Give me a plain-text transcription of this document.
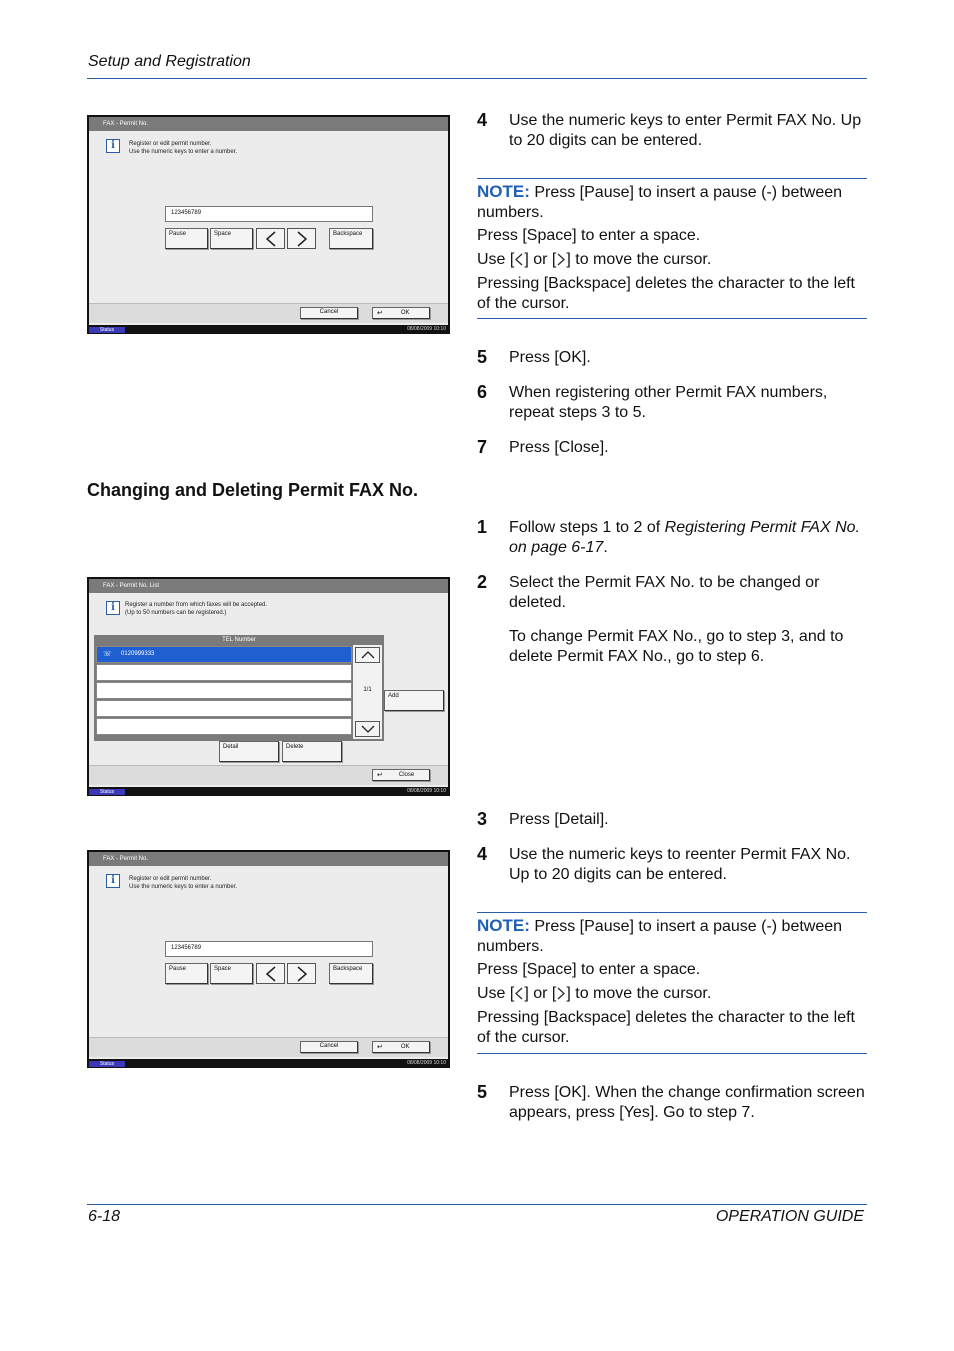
Setup and Registration
FAX - Permit No.
i	Register or edit permit number.
Use the numeric keys to enter a number.
123456789
Pause	Space	Backspace
Cancel	↵	OK
Status	08/08/2009 10:10
4 Use the numeric keys to enter Permit FAX No. Up to 20 digits can be entered.
NOTE: Press [Pause] to insert a pause (-) between numbers.
Press [Space] to enter a space.
Use [ ] or [ ] to move the cursor.
Pressing [Backspace] deletes the character to the left of the cursor.
5 Press [OK].
6 When registering other Permit FAX numbers, repeat steps 3 to 5.
7 Press [Close].
Changing and Deleting Permit FAX No.
1 Follow steps 1 to 2 of Registering Permit FAX No. on page 6-17.
2 Select the Permit FAX No. to be changed or deleted.
To change Permit FAX No., go to step 3, and to delete Permit FAX No., go to step 6.
FAX - Permit No. List
i	Register a number from which faxes will be accepted.
(Up to 50 numbers can be registered.)
TEL Number
☏ 0120999333
1/1
Add
Detail	Delete
↵	Close
Status	08/08/2009 10:10
3 Press [Detail].
4 Use the numeric keys to reenter Permit FAX No. Up to 20 digits can be entered.
FAX - Permit No.
i	Register or edit permit number.
Use the numeric keys to enter a number.
123456789
Pause	Space	Backspace
Cancel	↵	OK
Status	08/08/2009 10:10
NOTE: Press [Pause] to insert a pause (-) between numbers.
Press [Space] to enter a space.
Use [ ] or [ ] to move the cursor.
Pressing [Backspace] deletes the character to the left of the cursor.
5 Press [OK]. When the change confirmation screen appears, press [Yes]. Go to step 7.
6-18	OPERATION GUIDE
